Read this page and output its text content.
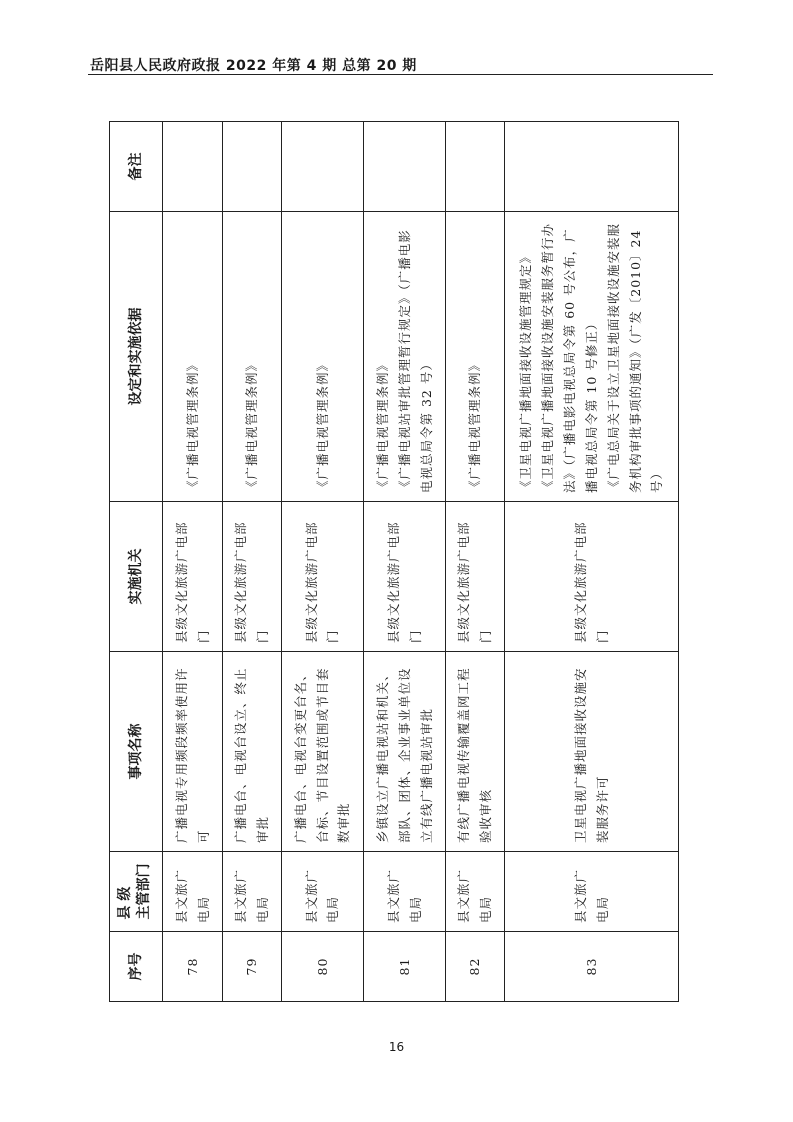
岳阳县人民政府政报 2022 年第 4 期 总第 20 期
序号	县 级 主管部门	事项名称	实施机关	设定和实施依据	备注
78	县文旅广电局	广播电视专用频段频率使用许可	县级文化旅游广电部门	《广播电视管理条例》	

79	县文旅广电局	广播电台、电视台设立、终止审批	县级文化旅游广电部门	《广播电视管理条例》	

80	县文旅广电局	广播电台、电视台变更台名、台标、节目设置范围或节目套数审批	县级文化旅游广电部门	《广播电视管理条例》	

81	县文旅广电局	乡镇设立广播电视站和机关、部队、团体、企业事业单位设立有线广播电视站审批	县级文化旅游广电部门	《广播电视管理条例》 《广播电视站审批管理暂行规定》（广播电影电视总局令第 32 号）	

82	县文旅广电局	有线广播电视传输覆盖网工程验收审核	县级文化旅游广电部门	《广播电视管理条例》	

83	县文旅广电局	卫星电视广播地面接收设施安装服务许可	县级文化旅游广电部门	《卫星电视广播地面接收设施管理规定》 《卫星电视广播地面接收设施安装服务暂行办法》（广播电影电视总局令第 60 号公布，广播电视总局令第 10 号修正） 《广电总局关于设立卫星地面接收设施安装服务机构审批事项的通知》（广发〔2010〕24 号）	

16
